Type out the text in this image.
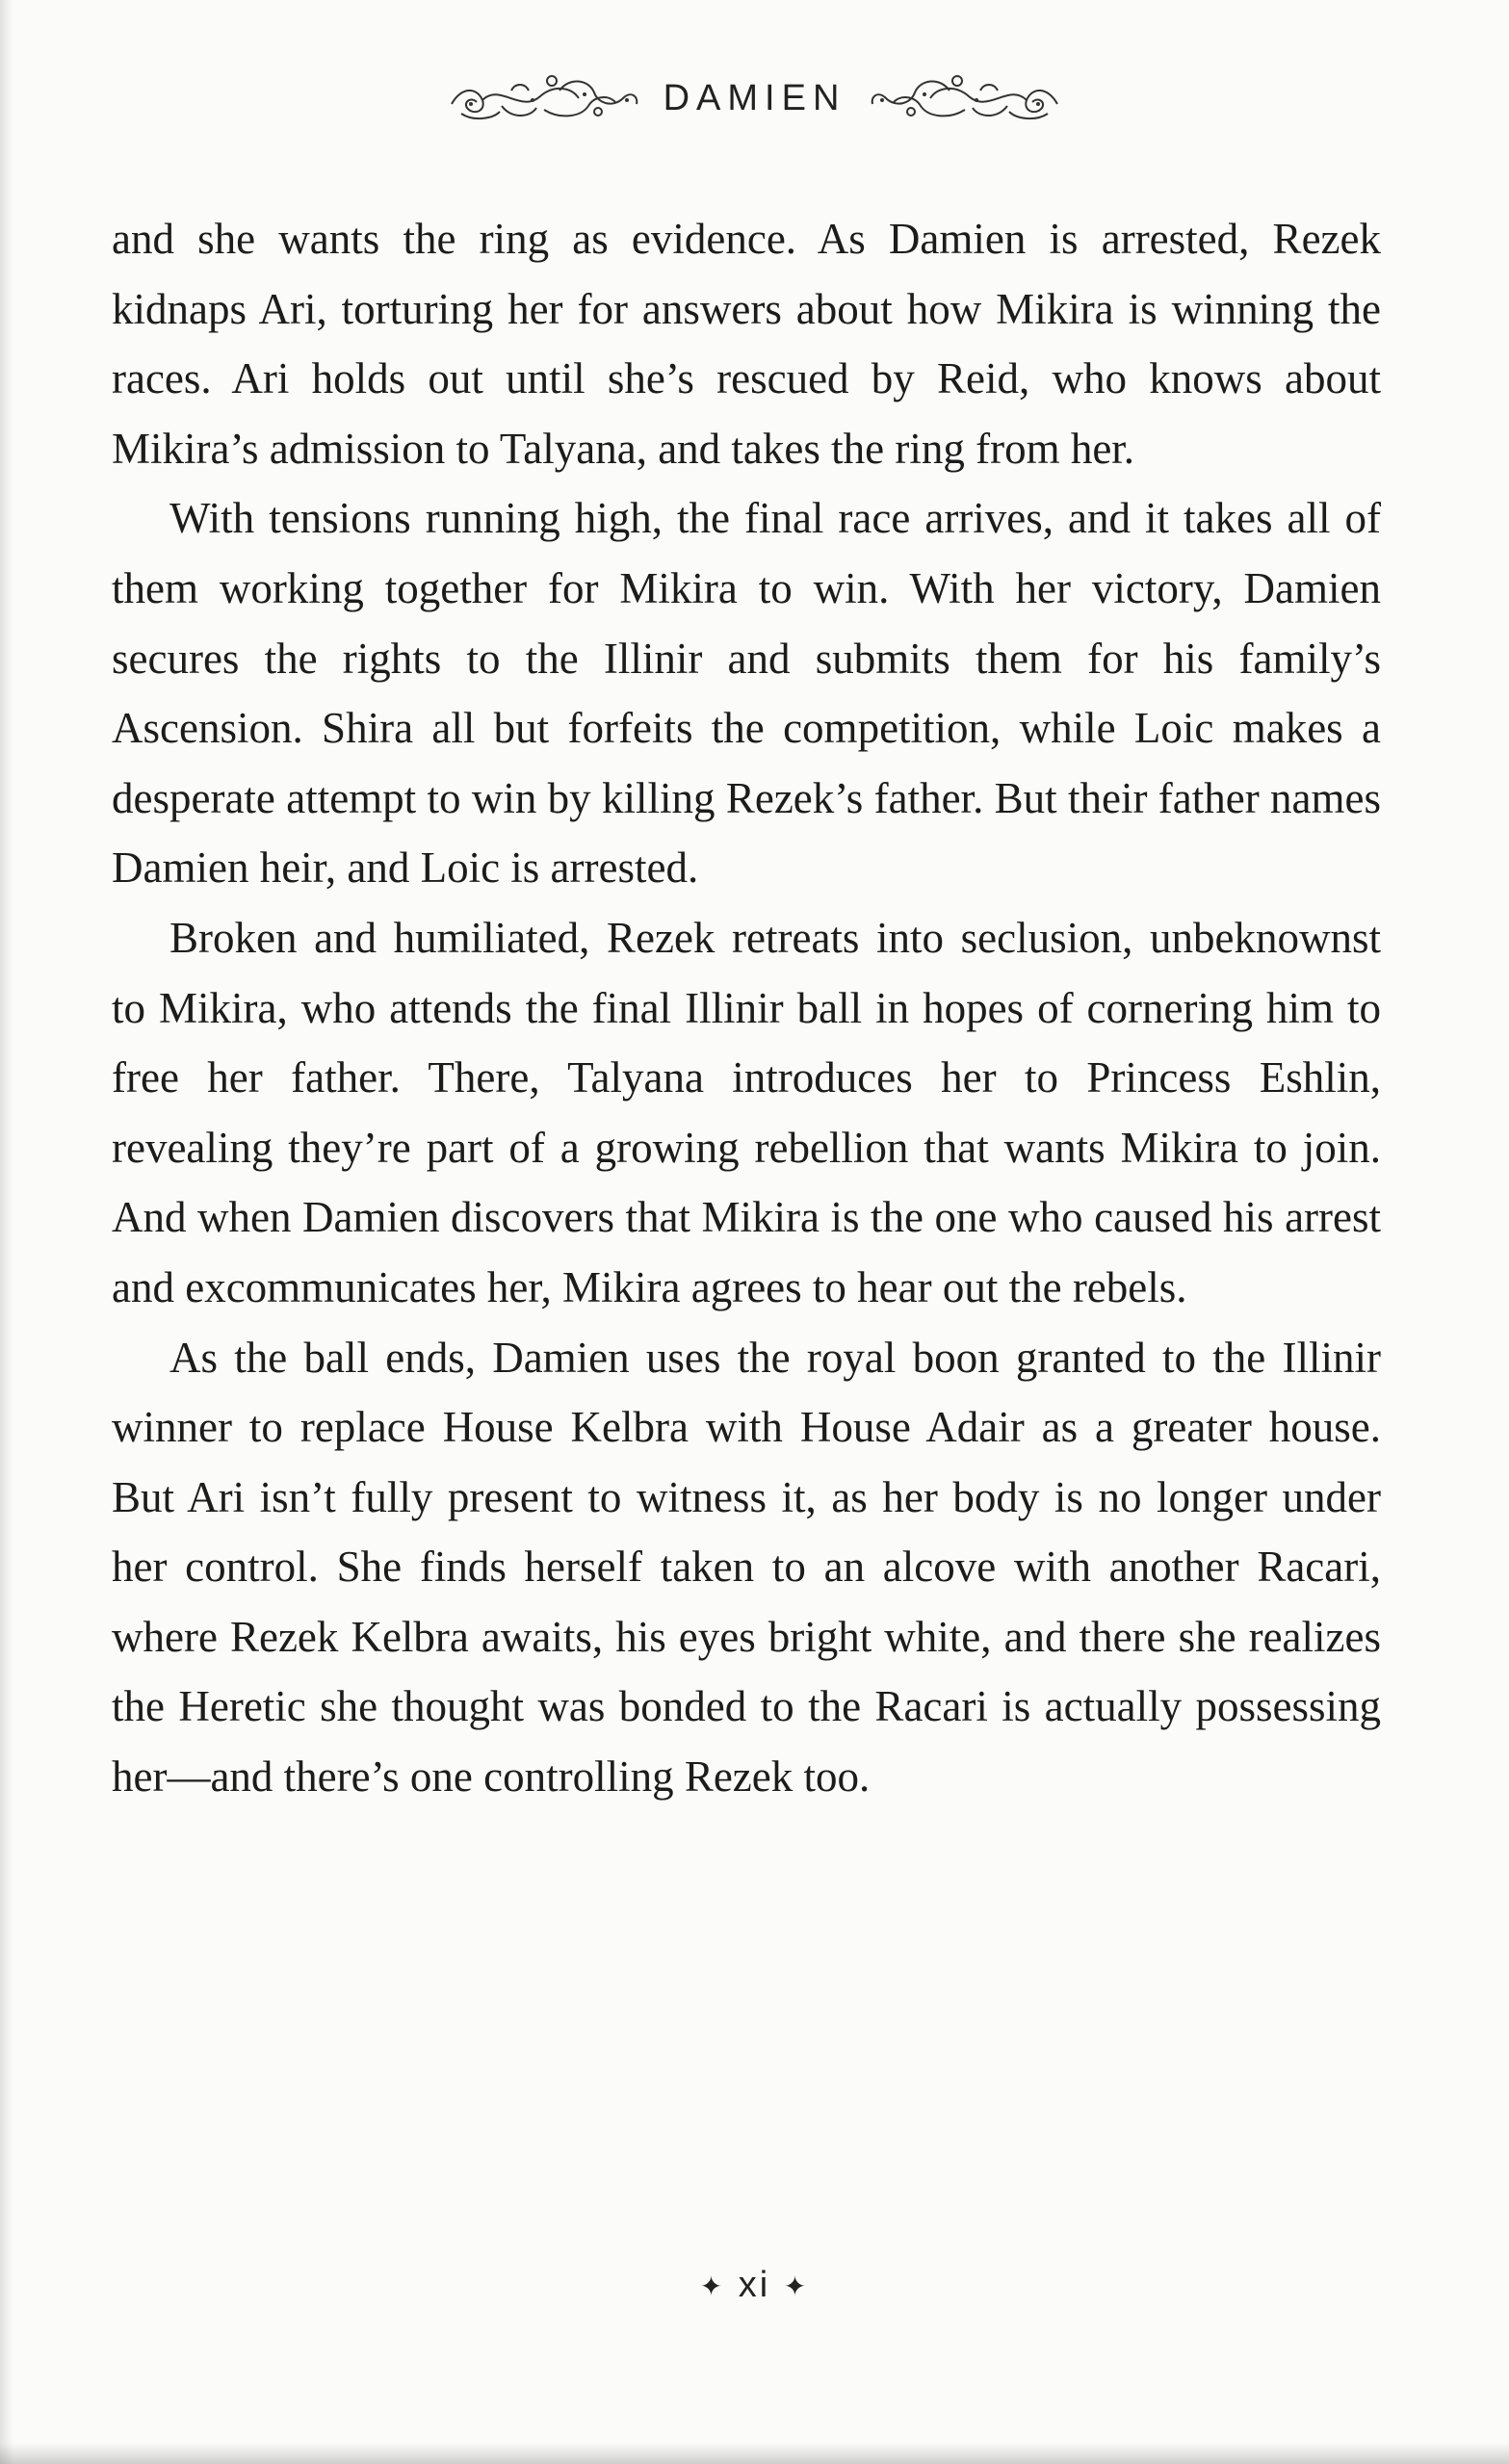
DAMIEN

and she wants the ring as evidence. As Damien is arrested, Rezek kidnaps Ari, torturing her for answers about how Mikira is winning the races. Ari holds out until she’s rescued by Reid, who knows about Mikira’s admission to Talyana, and takes the ring from her.

With tensions running high, the final race arrives, and it takes all of them working together for Mikira to win. With her victory, Damien secures the rights to the Illinir and submits them for his family’s Ascension. Shira all but forfeits the competition, while Loic makes a desperate attempt to win by killing Rezek’s father. But their father names Damien heir, and Loic is arrested.

Broken and humiliated, Rezek retreats into seclusion, unbeknownst to Mikira, who attends the final Illinir ball in hopes of cornering him to free her father. There, Talyana introduces her to Princess Eshlin, revealing they’re part of a growing rebellion that wants Mikira to join. And when Damien discovers that Mikira is the one who caused his arrest and excommunicates her, Mikira agrees to hear out the rebels.

As the ball ends, Damien uses the royal boon granted to the Illinir winner to replace House Kelbra with House Adair as a greater house. But Ari isn’t fully present to witness it, as her body is no longer under her control. She finds herself taken to an alcove with another Racari, where Rezek Kelbra awaits, his eyes bright white, and there she realizes the Heretic she thought was bonded to the Racari is actually possessing her—and there’s one controlling Rezek too.

✦ xi ✦
